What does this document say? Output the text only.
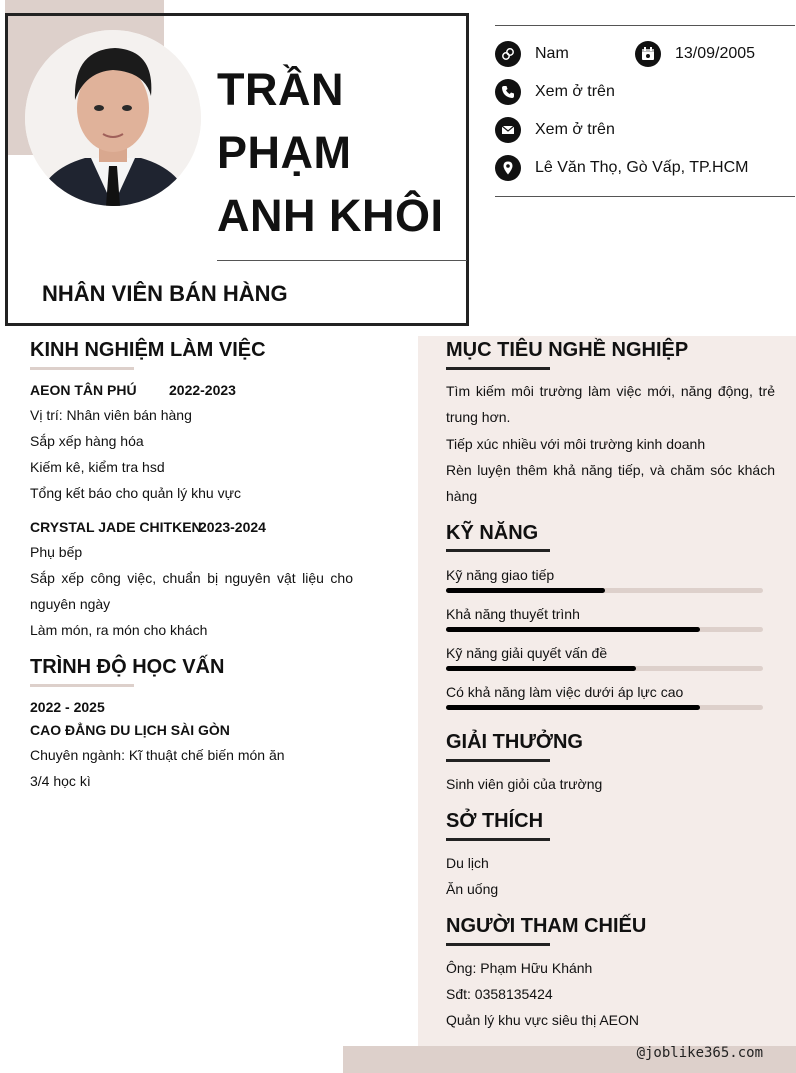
TRẦN
PHẠM
ANH KHÔI
NHÂN VIÊN BÁN HÀNG
Nam	13/09/2005
Xem ở trên
Xem ở trên
Lê Văn Thọ, Gò Vấp, TP.HCM
KINH NGHIỆM LÀM VIỆC
AEON TÂN PHÚ 2022-2023
Vị trí: Nhân viên bán hàng
Sắp xếp hàng hóa
Kiếm kê, kiểm tra hsd
Tổng kết báo cho quản lý khu vực
CRYSTAL JADE CHITKEN
2023-2024
Phụ bếp
Sắp xếp công việc, chuẩn bị nguyên vật liệu cho nguyên ngày
Làm món, ra món cho khách
TRÌNH ĐỘ HỌC VẤN
2022 - 2025
CAO ĐẲNG DU LỊCH SÀI GÒN
Chuyên ngành: Kĩ thuật chế biến món ăn
3/4 học kì
MỤC TIÊU NGHỀ NGHIỆP
Tìm kiếm môi trường làm việc mới, năng động, trẻ trung hơn.
Tiếp xúc nhiều với môi trường kinh doanh
Rèn luyện thêm khả năng tiếp, và chăm sóc khách hàng
KỸ NĂNG
Kỹ năng giao tiếp
Khả năng thuyết trình
Kỹ năng giải quyết vấn đề
Có khả năng làm việc dưới áp lực cao
GIẢI THƯỞNG
Sinh viên giỏi của trường
SỞ THÍCH
Du lịch
Ăn uống
NGƯỜI THAM CHIẾU
Ông: Phạm Hữu Khánh
Sđt: 0358135424
Quản lý khu vực siêu thị AEON
@joblike365.com
